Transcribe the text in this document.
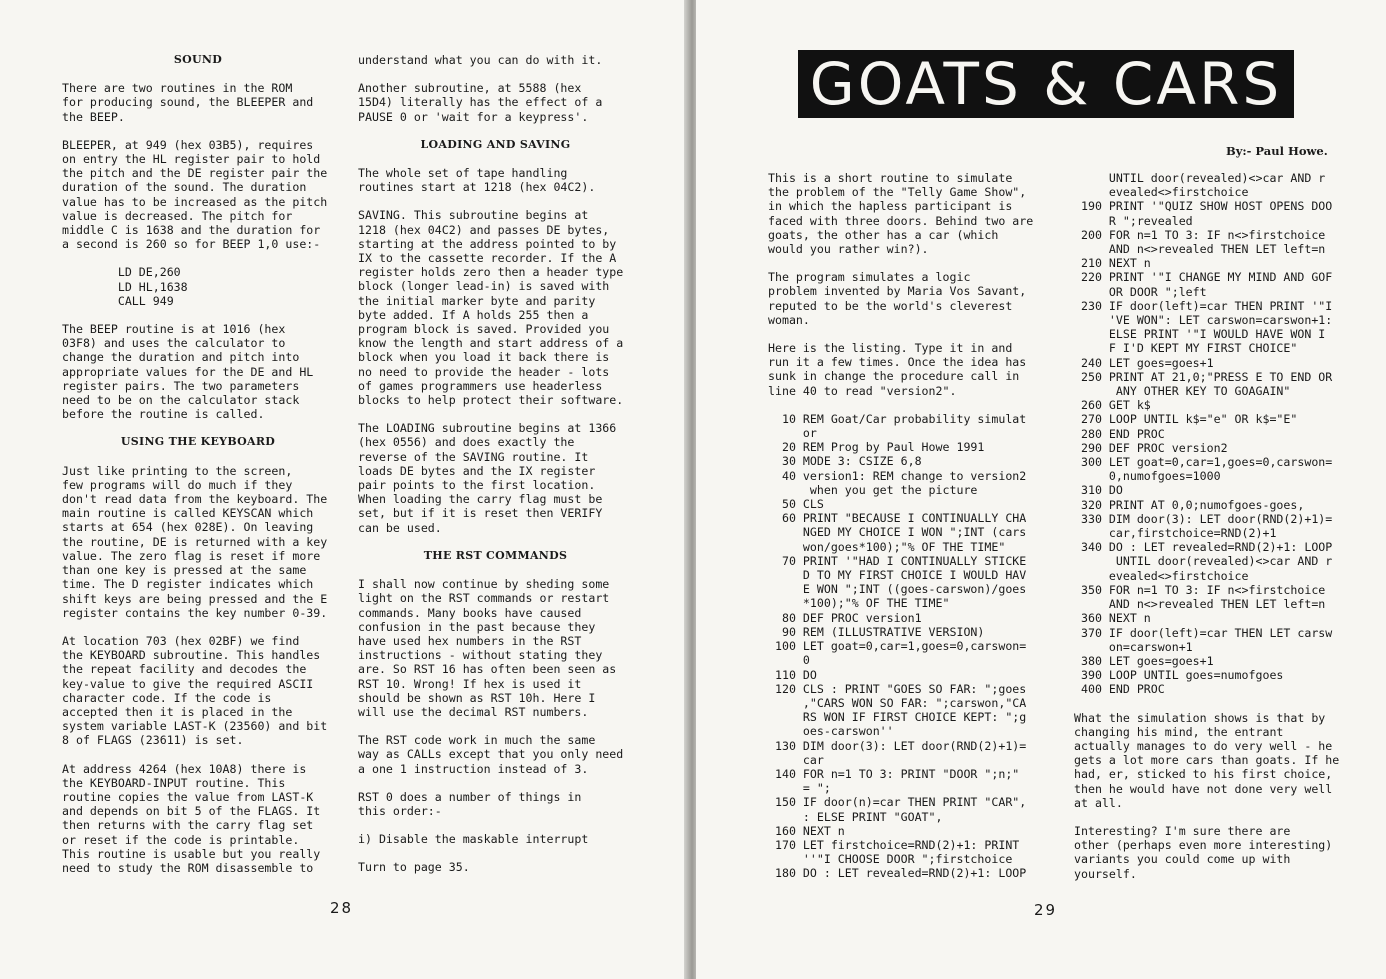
SOUND
There are two routines in the ROM
for producing sound, the BLEEPER and
the BEEP.
BLEEPER, at 949 (hex 03B5), requires
on entry the HL register pair to hold
the pitch and the DE register pair the
duration of the sound. The duration
value has to be increased as the pitch
value is decreased. The pitch for
middle C is 1638 and the duration for
a second is 260 so for BEEP 1,0 use:-
LD DE,260
LD HL,1638
CALL 949
The BEEP routine is at 1016 (hex
03F8) and uses the calculator to
change the duration and pitch into
appropriate values for the DE and HL
register pairs. The two parameters
need to be on the calculator stack
before the routine is called.
USING THE KEYBOARD
Just like printing to the screen,
few programs will do much if they
don't read data from the keyboard. The
main routine is called KEYSCAN which
starts at 654 (hex 028E). On leaving
the routine, DE is returned with a key
value. The zero flag is reset if more
than one key is pressed at the same
time. The D register indicates which
shift keys are being pressed and the E
register contains the key number 0-39.
At location 703 (hex 02BF) we find
the KEYBOARD subroutine. This handles
the repeat facility and decodes the
key-value to give the required ASCII
character code. If the code is
accepted then it is placed in the
system variable LAST-K (23560) and bit
8 of FLAGS (23611) is set.
At address 4264 (hex 10A8) there is
the KEYBOARD-INPUT routine. This
routine copies the value from LAST-K
and depends on bit 5 of the FLAGS. It
then returns with the carry flag set
or reset if the code is printable.
This routine is usable but you really
need to study the ROM disassemble to
understand what you can do with it.
Another subroutine, at 5588 (hex
15D4) literally has the effect of a
PAUSE 0 or 'wait for a keypress'.
LOADING AND SAVING
The whole set of tape handling
routines start at 1218 (hex 04C2).
SAVING. This subroutine begins at
1218 (hex 04C2) and passes DE bytes,
starting at the address pointed to by
IX to the cassette recorder. If the A
register holds zero then a header type
block (longer lead-in) is saved with
the initial marker byte and parity
byte added. If A holds 255 then a
program block is saved. Provided you
know the length and start address of a
block when you load it back there is
no need to provide the header - lots
of games programmers use headerless
blocks to help protect their software.
The LOADING subroutine begins at 1366
(hex 0556) and does exactly the
reverse of the SAVING routine. It
loads DE bytes and the IX register
pair points to the first location.
When loading the carry flag must be
set, but if it is reset then VERIFY
can be used.
THE RST COMMANDS
I shall now continue by sheding some
light on the RST commands or restart
commands. Many books have caused
confusion in the past because they
have used hex numbers in the RST
instructions - without stating they
are. So RST 16 has often been seen as
RST 10. Wrong! If hex is used it
should be shown as RST 10h. Here I
will use the decimal RST numbers.
The RST code work in much the same
way as CALLs except that you only need
a one 1 instruction instead of 3.
RST 0 does a number of things in
this order:-
i) Disable the maskable interrupt
Turn to page 35.
28
GOATS & CARS
By:- Paul Howe.
This is a short routine to simulate
the problem of the "Telly Game Show",
in which the hapless participant is
faced with three doors. Behind two are
goats, the other has a car (which
would you rather win?).
The program simulates a logic
problem invented by Maria Vos Savant,
reputed to be the world's cleverest
woman.
Here is the listing. Type it in and
run it a few times. Once the idea has
sunk in change the procedure call in
line 40 to read "version2".
10 REM Goat/Car probability simulat
or
20 REM Prog by Paul Howe 1991
30 MODE 3: CSIZE 6,8
40 version1: REM change to version2
when you get the picture
50 CLS
60 PRINT "BECAUSE I CONTINUALLY CHA
NGED MY CHOICE I WON ";INT (cars
won/goes*100);"% OF THE TIME"
70 PRINT '"HAD I CONTINUALLY STICKE
D TO MY FIRST CHOICE I WOULD HAV
E WON ";INT ((goes-carswon)/goes
*100);"% OF THE TIME"
80 DEF PROC version1
90 REM (ILLUSTRATIVE VERSION)
100 LET goat=0,car=1,goes=0,carswon=
0
110 DO
120 CLS : PRINT "GOES SO FAR: ";goes
,"CARS WON SO FAR: ";carswon,"CA
RS WON IF FIRST CHOICE KEPT: ";g
oes-carswon''
130 DIM door(3): LET door(RND(2)+1)=
car
140 FOR n=1 TO 3: PRINT "DOOR ";n;"
= ";
150 IF door(n)=car THEN PRINT "CAR",
: ELSE PRINT "GOAT",
160 NEXT n
170 LET firstchoice=RND(2)+1: PRINT
''"I CHOOSE DOOR ";firstchoice
180 DO : LET revealed=RND(2)+1: LOOP
UNTIL door(revealed)<>car AND r
evealed<>firstchoice
190 PRINT '"QUIZ SHOW HOST OPENS DOO
R ";revealed
200 FOR n=1 TO 3: IF n<>firstchoice
AND n<>revealed THEN LET left=n
210 NEXT n
220 PRINT '"I CHANGE MY MIND AND GOF
OR DOOR ";left
230 IF door(left)=car THEN PRINT '"I
'VE WON": LET carswon=carswon+1:
ELSE PRINT '"I WOULD HAVE WON I
F I'D KEPT MY FIRST CHOICE"
240 LET goes=goes+1
250 PRINT AT 21,0;"PRESS E TO END OR
ANY OTHER KEY TO GOAGAIN"
260 GET k$
270 LOOP UNTIL k$="e" OR k$="E"
280 END PROC
290 DEF PROC version2
300 LET goat=0,car=1,goes=0,carswon=
0,numofgoes=1000
310 DO
320 PRINT AT 0,0;numofgoes-goes,
330 DIM door(3): LET door(RND(2)+1)=
car,firstchoice=RND(2)+1
340 DO : LET revealed=RND(2)+1: LOOP
UNTIL door(revealed)<>car AND r
evealed<>firstchoice
350 FOR n=1 TO 3: IF n<>firstchoice
AND n<>revealed THEN LET left=n
360 NEXT n
370 IF door(left)=car THEN LET carsw
on=carswon+1
380 LET goes=goes+1
390 LOOP UNTIL goes=numofgoes
400 END PROC
What the simulation shows is that by
changing his mind, the entrant
actually manages to do very well - he
gets a lot more cars than goats. If he
had, er, sticked to his first choice,
then he would have not done very well
at all.
Interesting? I'm sure there are
other (perhaps even more interesting)
variants you could come up with
yourself.
29
